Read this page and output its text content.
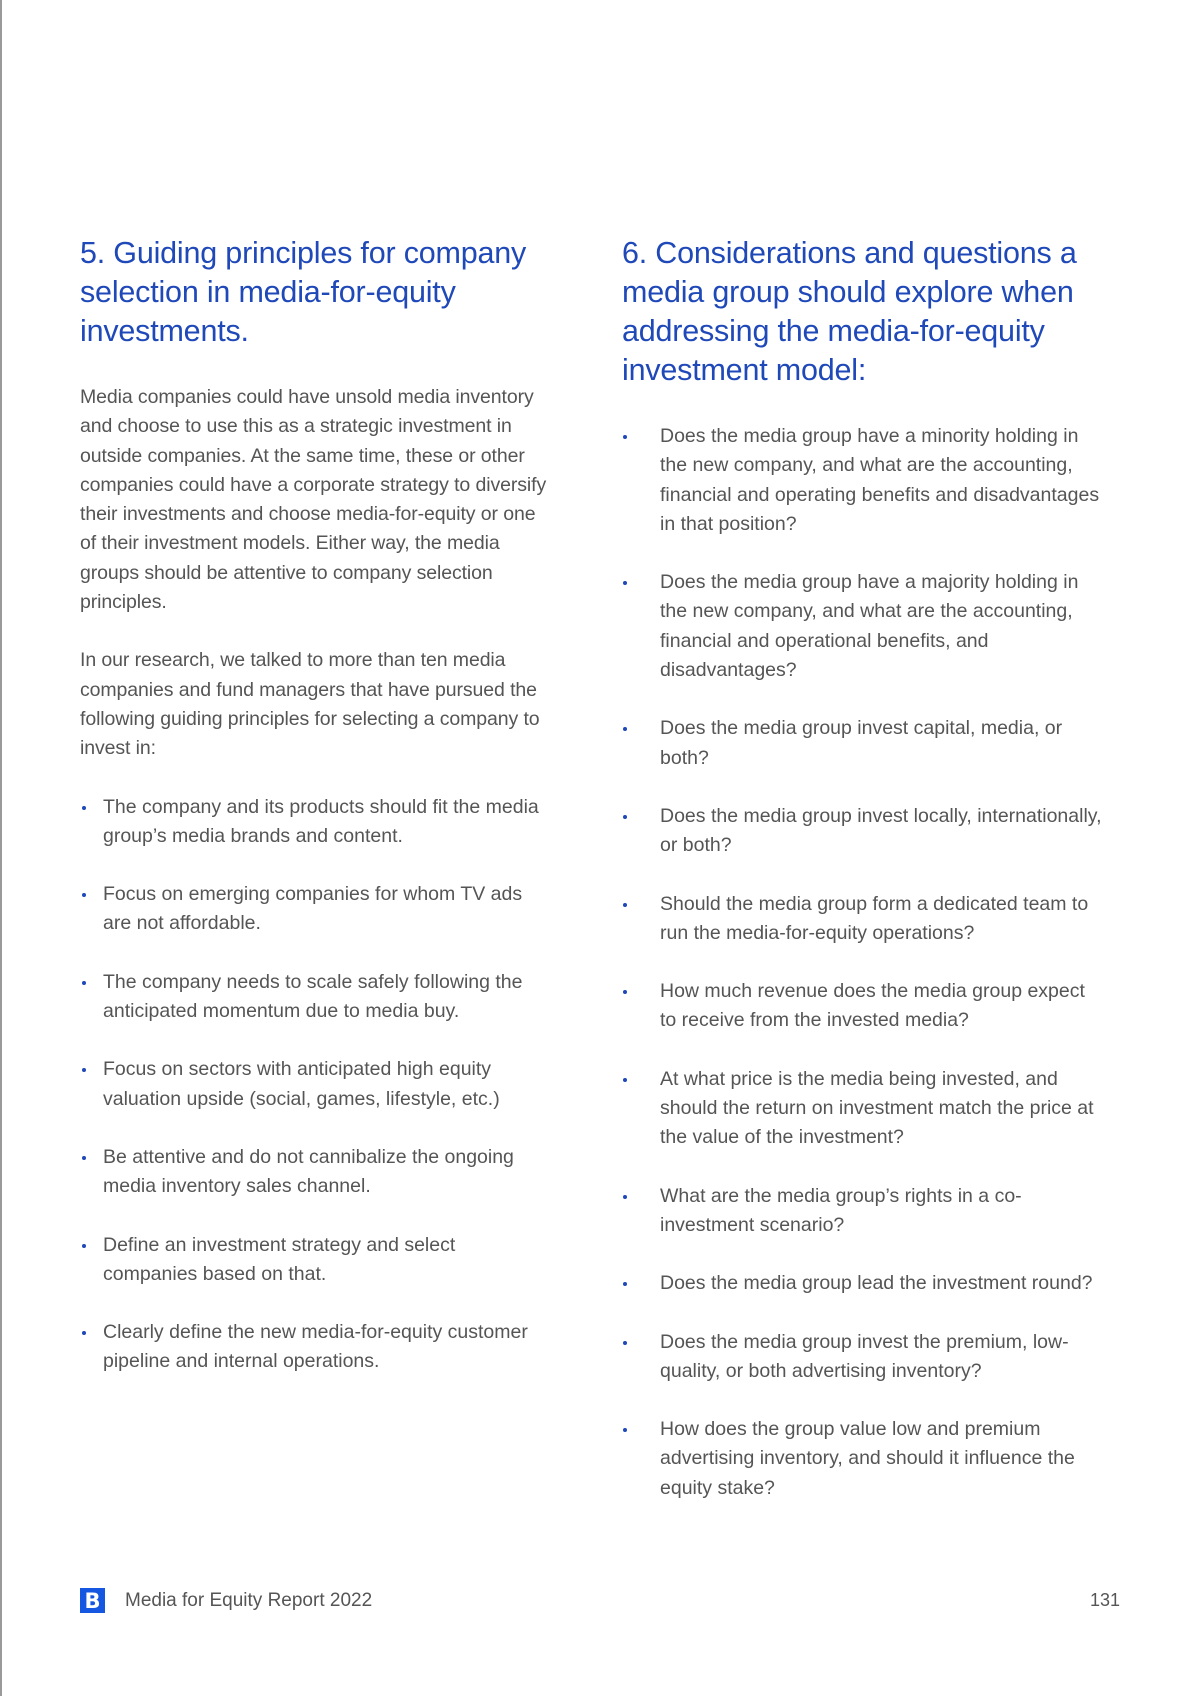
5. Guiding principles for company selection in media-for-equity investments.

Media companies could have unsold media inventory and choose to use this as a strategic investment in outside companies. At the same time, these or other companies could have a corporate strategy to diversify their investments and choose media-for-equity or one of their investment models. Either way, the media groups should be attentive to company selection principles.

In our research, we talked to more than ten media companies and fund managers that have pursued the following guiding principles for selecting a company to invest in:

The company and its products should fit the media group’s media brands and content.
Focus on emerging companies for whom TV ads are not affordable.
The company needs to scale safely following the anticipated momentum due to media buy.
Focus on sectors with anticipated high equity valuation upside (social, games, lifestyle, etc.)
Be attentive and do not cannibalize the ongoing media inventory sales channel.
Define an investment strategy and select companies based on that.
Clearly define the new media-for-equity customer pipeline and internal operations.
6. Considerations and questions a media group should explore when addressing the media-for-equity investment model:
Does the media group have a minority holding in the new company, and what are the accounting, financial and operating benefits and disadvantages in that position?
Does the media group have a majority holding in the new company, and what are the accounting, financial and operational benefits, and disadvantages?
Does the media group invest capital, media, or both?
Does the media group invest locally, internationally, or both?
Should the media group form a dedicated team to run the media-for-equity operations?
How much revenue does the media group expect to receive from the invested media?
At what price is the media being invested, and should the return on investment match the price at the value of the investment?
What are the media group’s rights in a co-investment scenario?
Does the media group lead the investment round?
Does the media group invest the premium, low-quality, or both advertising inventory?
How does the group value low and premium advertising inventory, and should it influence the equity stake?
B Media for Equity Report 2022	131
